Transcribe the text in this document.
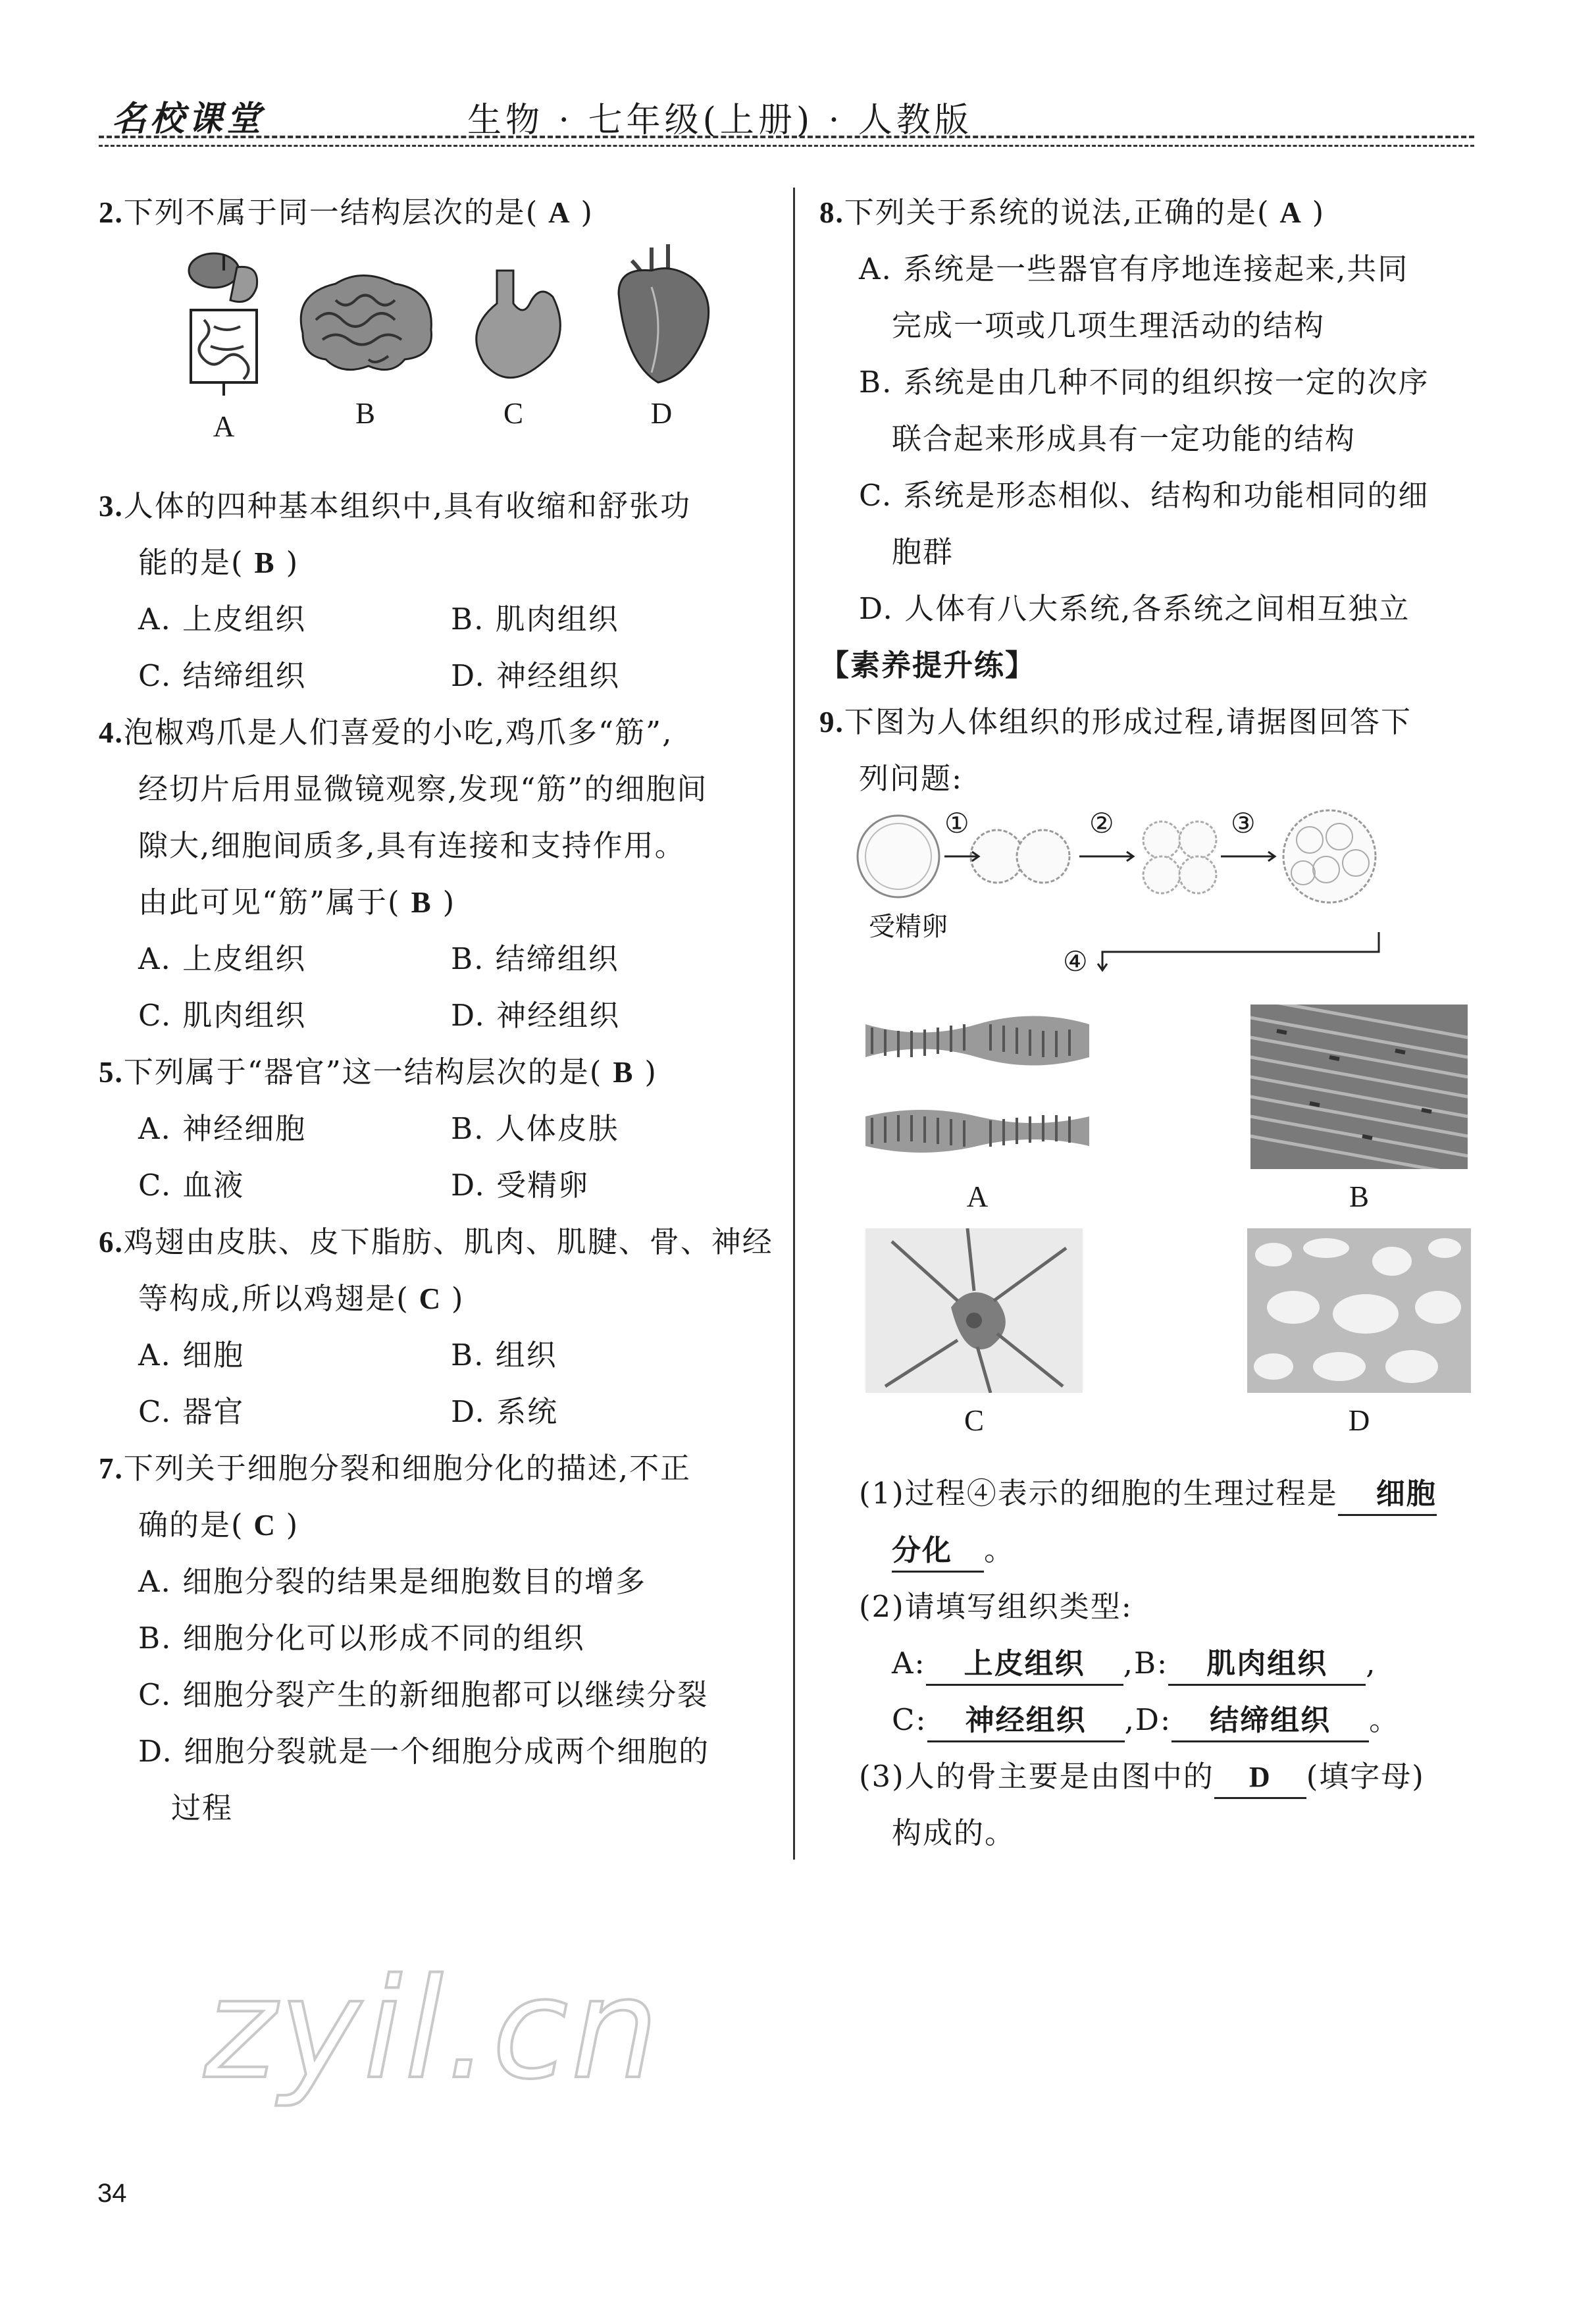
名校课堂	生物 · 七年级(上册) · 人教版
2.下列不属于同一结构层次的是( A )
A	B	C	D
3.人体的四种基本组织中,具有收缩和舒张功
能的是( B )
A. 上皮组织	B. 肌肉组织
C. 结缔组织	D. 神经组织
4.泡椒鸡爪是人们喜爱的小吃,鸡爪多“筋”,
经切片后用显微镜观察,发现“筋”的细胞间
隙大,细胞间质多,具有连接和支持作用。
由此可见“筋”属于( B )
A. 上皮组织	B. 结缔组织
C. 肌肉组织	D. 神经组织
5.下列属于“器官”这一结构层次的是( B )
A. 神经细胞	B. 人体皮肤
C. 血液	D. 受精卵
6.鸡翅由皮肤、皮下脂肪、肌肉、肌腱、骨、神经
等构成,所以鸡翅是( C )
A. 细胞	B. 组织
C. 器官	D. 系统
7.下列关于细胞分裂和细胞分化的描述,不正
确的是( C )
A. 细胞分裂的结果是细胞数目的增多
B. 细胞分化可以形成不同的组织
C. 细胞分裂产生的新细胞都可以继续分裂
D. 细胞分裂就是一个细胞分成两个细胞的
过程
8.下列关于系统的说法,正确的是( A )
A. 系统是一些器官有序地连接起来,共同
完成一项或几项生理活动的结构
B. 系统是由几种不同的组织按一定的次序
联合起来形成具有一定功能的结构
C. 系统是形态相似、结构和功能相同的细
胞群
D. 人体有八大系统,各系统之间相互独立
【素养提升练】
9.下图为人体组织的形成过程,请据图回答下
列问题:
①	②	③
④
受精卵
A	B
C	D
(1)过程④表示的细胞的生理过程是 细胞
分化 。
(2)请填写组织类型:
A: 上皮组织 ,B: 肌肉组织 ,
C: 神经组织 ,D: 结缔组织 。
(3)人的骨主要是由图中的 D (填字母)
构成的。
zyil.cn
34
